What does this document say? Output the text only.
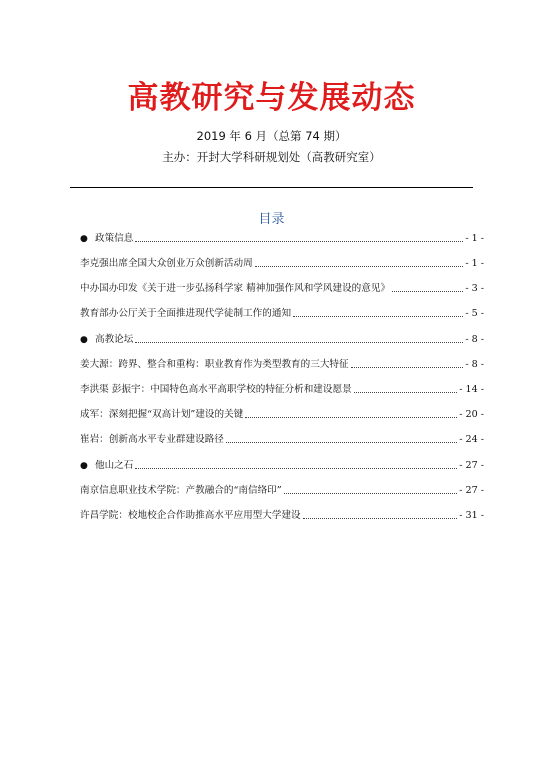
高教研究与发展动态
2019 年 6 月（总第 74 期）
主办：开封大学科研规划处（高教研究室）
目录
● 政策信息	- 1 -
李克强出席全国大众创业万众创新活动周	- 1 -
中办国办印发《关于进一步弘扬科学家 精神加强作风和学风建设的意见》	- 3 -
教育部办公厅关于全面推进现代学徒制工作的通知	- 5 -
● 高教论坛	- 8 -
姜大源：跨界、整合和重构：职业教育作为类型教育的三大特征	- 8 -
李洪渠 彭振宇：中国特色高水平高职学校的特征分析和建设愿景	- 14 -
成军：深刻把握“双高计划”建设的关键	- 20 -
崔岩：创新高水平专业群建设路径	- 24 -
● 他山之石	- 27 -
南京信息职业技术学院：产教融合的“南信络印”	- 27 -
许昌学院：校地校企合作助推高水平应用型大学建设	- 31 -
